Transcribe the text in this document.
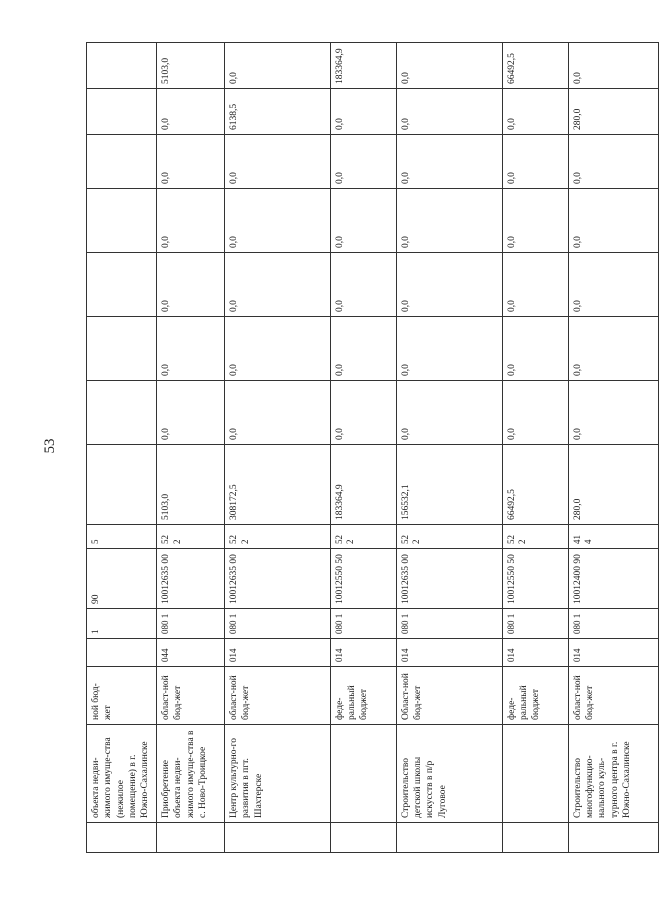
53
	объекта недви-жимого имуще-ства (нежилое помещение) в г. Южно-Сахалинске	ной бюд-жет		1	90	5									
	Приобретение объекта недви-жимого имуще-ства в с. Ново-Троицкое	област-ной бюд-жет	044	080 1	10012635 00	52 2	5103,0	0,0	0,0	0,0	0,0	0,0	0,0	5103,0	
	Центр культурно-го развития в пгт. Шахтерске	област-ной бюд-жет	014	080 1	10012635 00	52 2	308172,5	0,0	0,0	0,0	0,0	0,0	6138,5	0,0	
		феде-ральный бюджет	014	080 1	10012550 50	52 2	183364,9	0,0	0,0	0,0	0,0	0,0	0,0	183364,9	
	Строительство детской школы искусств в п/р Луговое	Област-ной бюд-жет	014	080 1	10012635 00	52 2	156532,1	0,0	0,0	0,0	0,0	0,0	0,0	0,0	
		феде-ральный бюджет	014	080 1	10012550 50	52 2	66492,5	0,0	0,0	0,0	0,0	0,0	0,0	66492,5	
	Строительство многофункцио-нального куль-турного центра в г. Южно-Сахалинске	област-ной бюд-жет	014	080 1	10012400 90	41 4	280,0	0,0	0,0	0,0	0,0	0,0	280,0	0,0	
